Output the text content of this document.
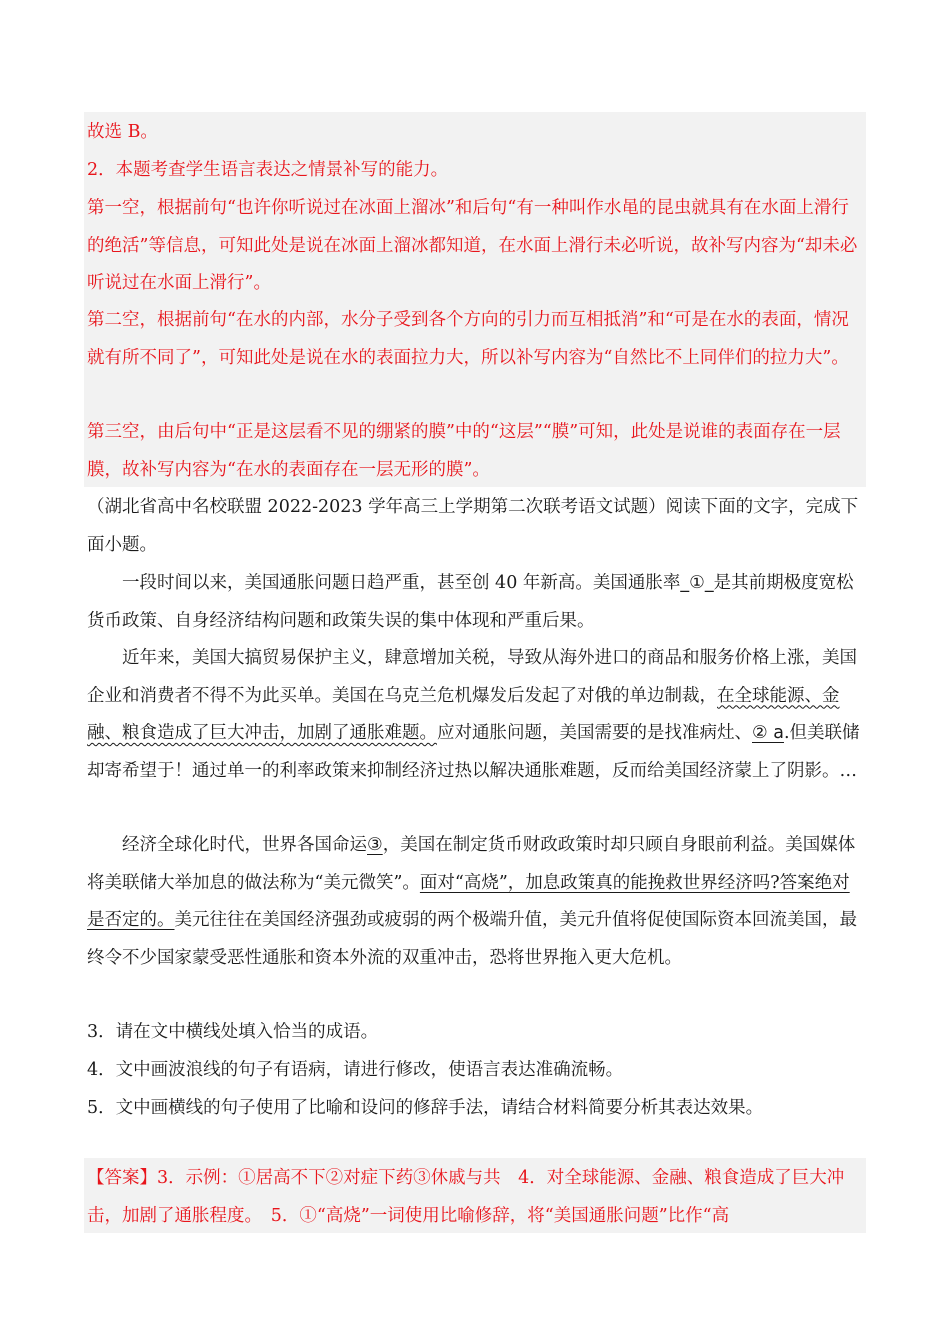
故选 B。

2．本题考查学生语言表达之情景补写的能力。

第一空，根据前句“也许你听说过在冰面上溜冰”和后句“有一种叫作水黾的昆虫就具有在水面上滑行的绝活”等信息，可知此处是说在冰面上溜冰都知道，在水面上滑行未必听说，故补写内容为“却未必听说过在水面上滑行”。

第二空，根据前句“在水的内部，水分子受到各个方向的引力而互相抵消”和“可是在水的表面，情况就有所不同了”，可知此处是说在水的表面拉力大，所以补写内容为“自然比不上同伴们的拉力大”。

第三空，由后句中“正是这层看不见的绷紧的膜”中的“这层”“膜”可知，此处是说谁的表面存在一层膜，故补写内容为“在水的表面存在一层无形的膜”。

（湖北省高中名校联盟 2022-2023 学年高三上学期第二次联考语文试题）阅读下面的文字，完成下面小题。

一段时间以来，美国通胀问题日趋严重，甚至创 40 年新高。美国通胀率_①_是其前期极度宽松货币政策、自身经济结构问题和政策失误的集中体现和严重后果。

近年来，美国大搞贸易保护主义，肆意增加关税，导致从海外进口的商品和服务价格上涨，美国企业和消费者不得不为此买单。美国在乌克兰危机爆发后发起了对俄的单边制裁，在全球能源、金融、粮食造成了巨大冲击，加剧了通胀难题。应对通胀问题，美国需要的是找准病灶、② a.但美联储却寄希望于！通过单一的利率政策来抑制经济过热以解决通胀难题，反而给美国经济蒙上了阴影。…

经济全球化时代，世界各国命运③，美国在制定货币财政政策时却只顾自身眼前利益。美国媒体将美联储大举加息的做法称为“美元微笑”。面对“高烧”，加息政策真的能挽救世界经济吗?答案绝对是否定的。美元往往在美国经济强劲或疲弱的两个极端升值，美元升值将促使国际资本回流美国，最终令不少国家蒙受恶性通胀和资本外流的双重冲击，恐将世界拖入更大危机。

3．请在文中横线处填入恰当的成语。

4．文中画波浪线的句子有语病，请进行修改，使语言表达准确流畅。

5．文中画横线的句子使用了比喻和设问的修辞手法，请结合材料简要分析其表达效果。

【答案】3．示例：①居高不下②对症下药③休戚与共　4．对全球能源、金融、粮食造成了巨大冲击，加剧了通胀程度。　5．①“高烧”一词使用比喻修辞，将“美国通胀问题”比作“高
